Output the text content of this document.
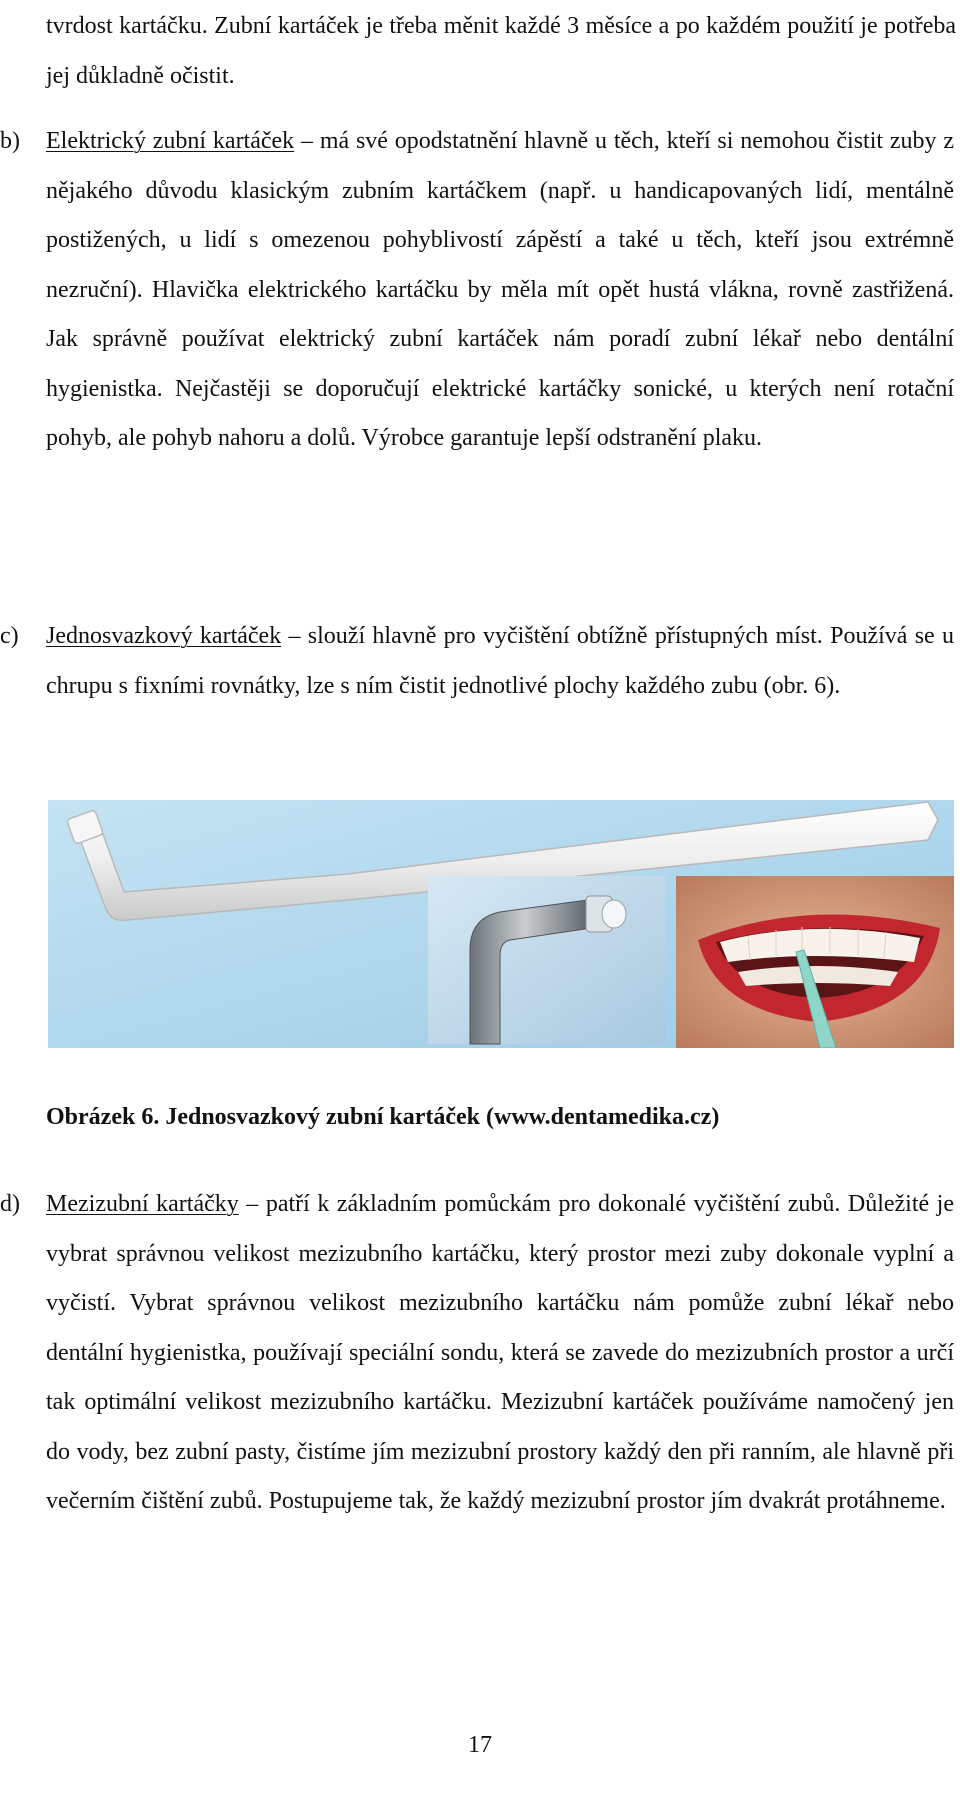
tvrdost kartáčku. Zubní kartáček je třeba měnit každé 3 měsíce a po každém použití je potřeba jej důkladně očistit.

b)	Elektrický zubní kartáček – má své opodstatnění hlavně u těch, kteří si nemohou čistit zuby z nějakého důvodu klasickým zubním kartáčkem (např. u handicapovaných lidí, mentálně postižených, u lidí s omezenou pohyblivostí zápěstí a také u těch, kteří jsou extrémně nezruční). Hlavička elektrického kartáčku by měla mít opět hustá vlákna, rovně zastřižená. Jak správně používat elektrický zubní kartáček nám poradí zubní lékař nebo dentální hygienistka. Nejčastěji se doporučují elektrické kartáčky sonické, u kterých není rotační pohyb, ale pohyb nahoru a dolů. Výrobce garantuje lepší odstranění plaku.
c)	Jednosvazkový kartáček – slouží hlavně pro vyčištění obtížně přístupných míst. Používá se u chrupu s fixními rovnátky, lze s ním čistit jednotlivé plochy každého zubu (obr. 6).

Obrázek 6. Jednosvazkový zubní kartáček (www.dentamedika.cz)

d)	Mezizubní kartáčky – patří k základním pomůckám pro dokonalé vyčištění zubů. Důležité je vybrat správnou velikost mezizubního kartáčku, který prostor mezi zuby dokonale vyplní a vyčistí. Vybrat správnou velikost mezizubního kartáčku nám pomůže zubní lékař nebo dentální hygienistka, používají speciální sondu, která se zavede do mezizubních prostor a určí tak optimální velikost mezizubního kartáčku. Mezizubní kartáček používáme namočený jen do vody, bez zubní pasty, čistíme jím mezizubní prostory každý den při ranním, ale hlavně při večerním čištění zubů. Postupujeme tak, že každý mezizubní prostor jím dvakrát protáhneme.

17
